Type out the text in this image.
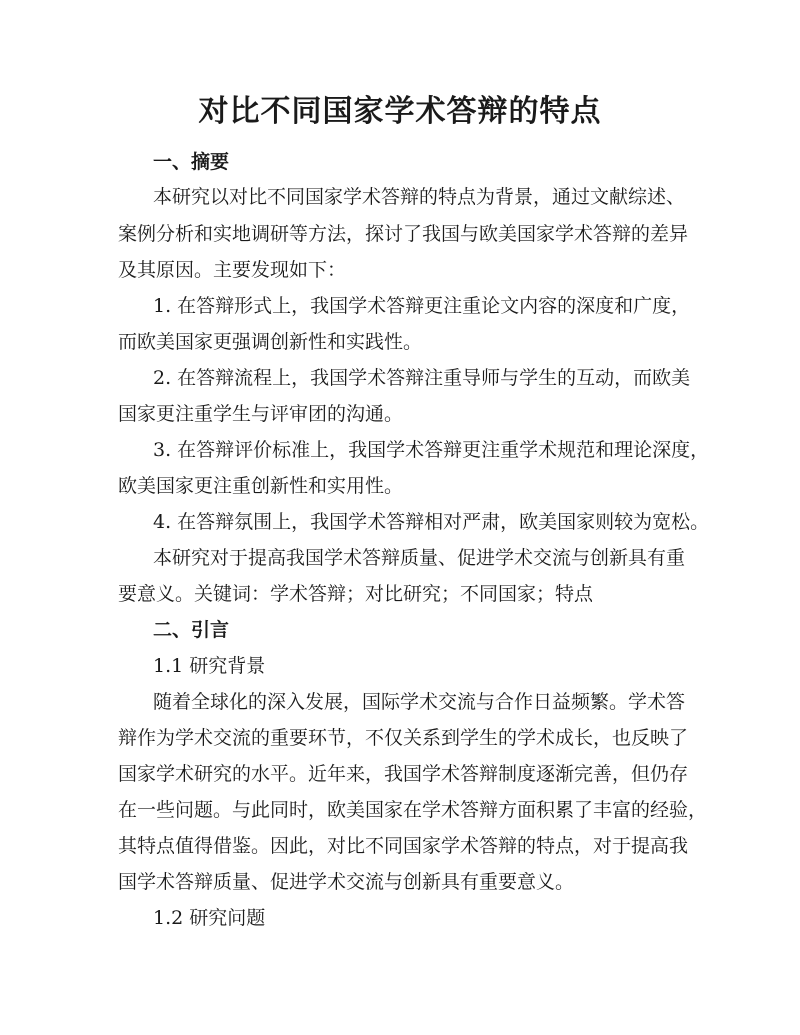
对比不同国家学术答辩的特点
一、摘要
本研究以对比不同国家学术答辩的特点为背景，通过文献综述、
案例分析和实地调研等方法，探讨了我国与欧美国家学术答辩的差异
及其原因。主要发现如下：
1. 在答辩形式上，我国学术答辩更注重论文内容的深度和广度，
而欧美国家更强调创新性和实践性。
2. 在答辩流程上，我国学术答辩注重导师与学生的互动，而欧美
国家更注重学生与评审团的沟通。
3. 在答辩评价标准上，我国学术答辩更注重学术规范和理论深度，
欧美国家更注重创新性和实用性。
4. 在答辩氛围上，我国学术答辩相对严肃，欧美国家则较为宽松。
本研究对于提高我国学术答辩质量、促进学术交流与创新具有重
要意义。关键词：学术答辩；对比研究；不同国家；特点
二、引言
1.1 研究背景
随着全球化的深入发展，国际学术交流与合作日益频繁。学术答
辩作为学术交流的重要环节，不仅关系到学生的学术成长，也反映了
国家学术研究的水平。近年来，我国学术答辩制度逐渐完善，但仍存
在一些问题。与此同时，欧美国家在学术答辩方面积累了丰富的经验，
其特点值得借鉴。因此，对比不同国家学术答辩的特点，对于提高我
国学术答辩质量、促进学术交流与创新具有重要意义。
1.2 研究问题
